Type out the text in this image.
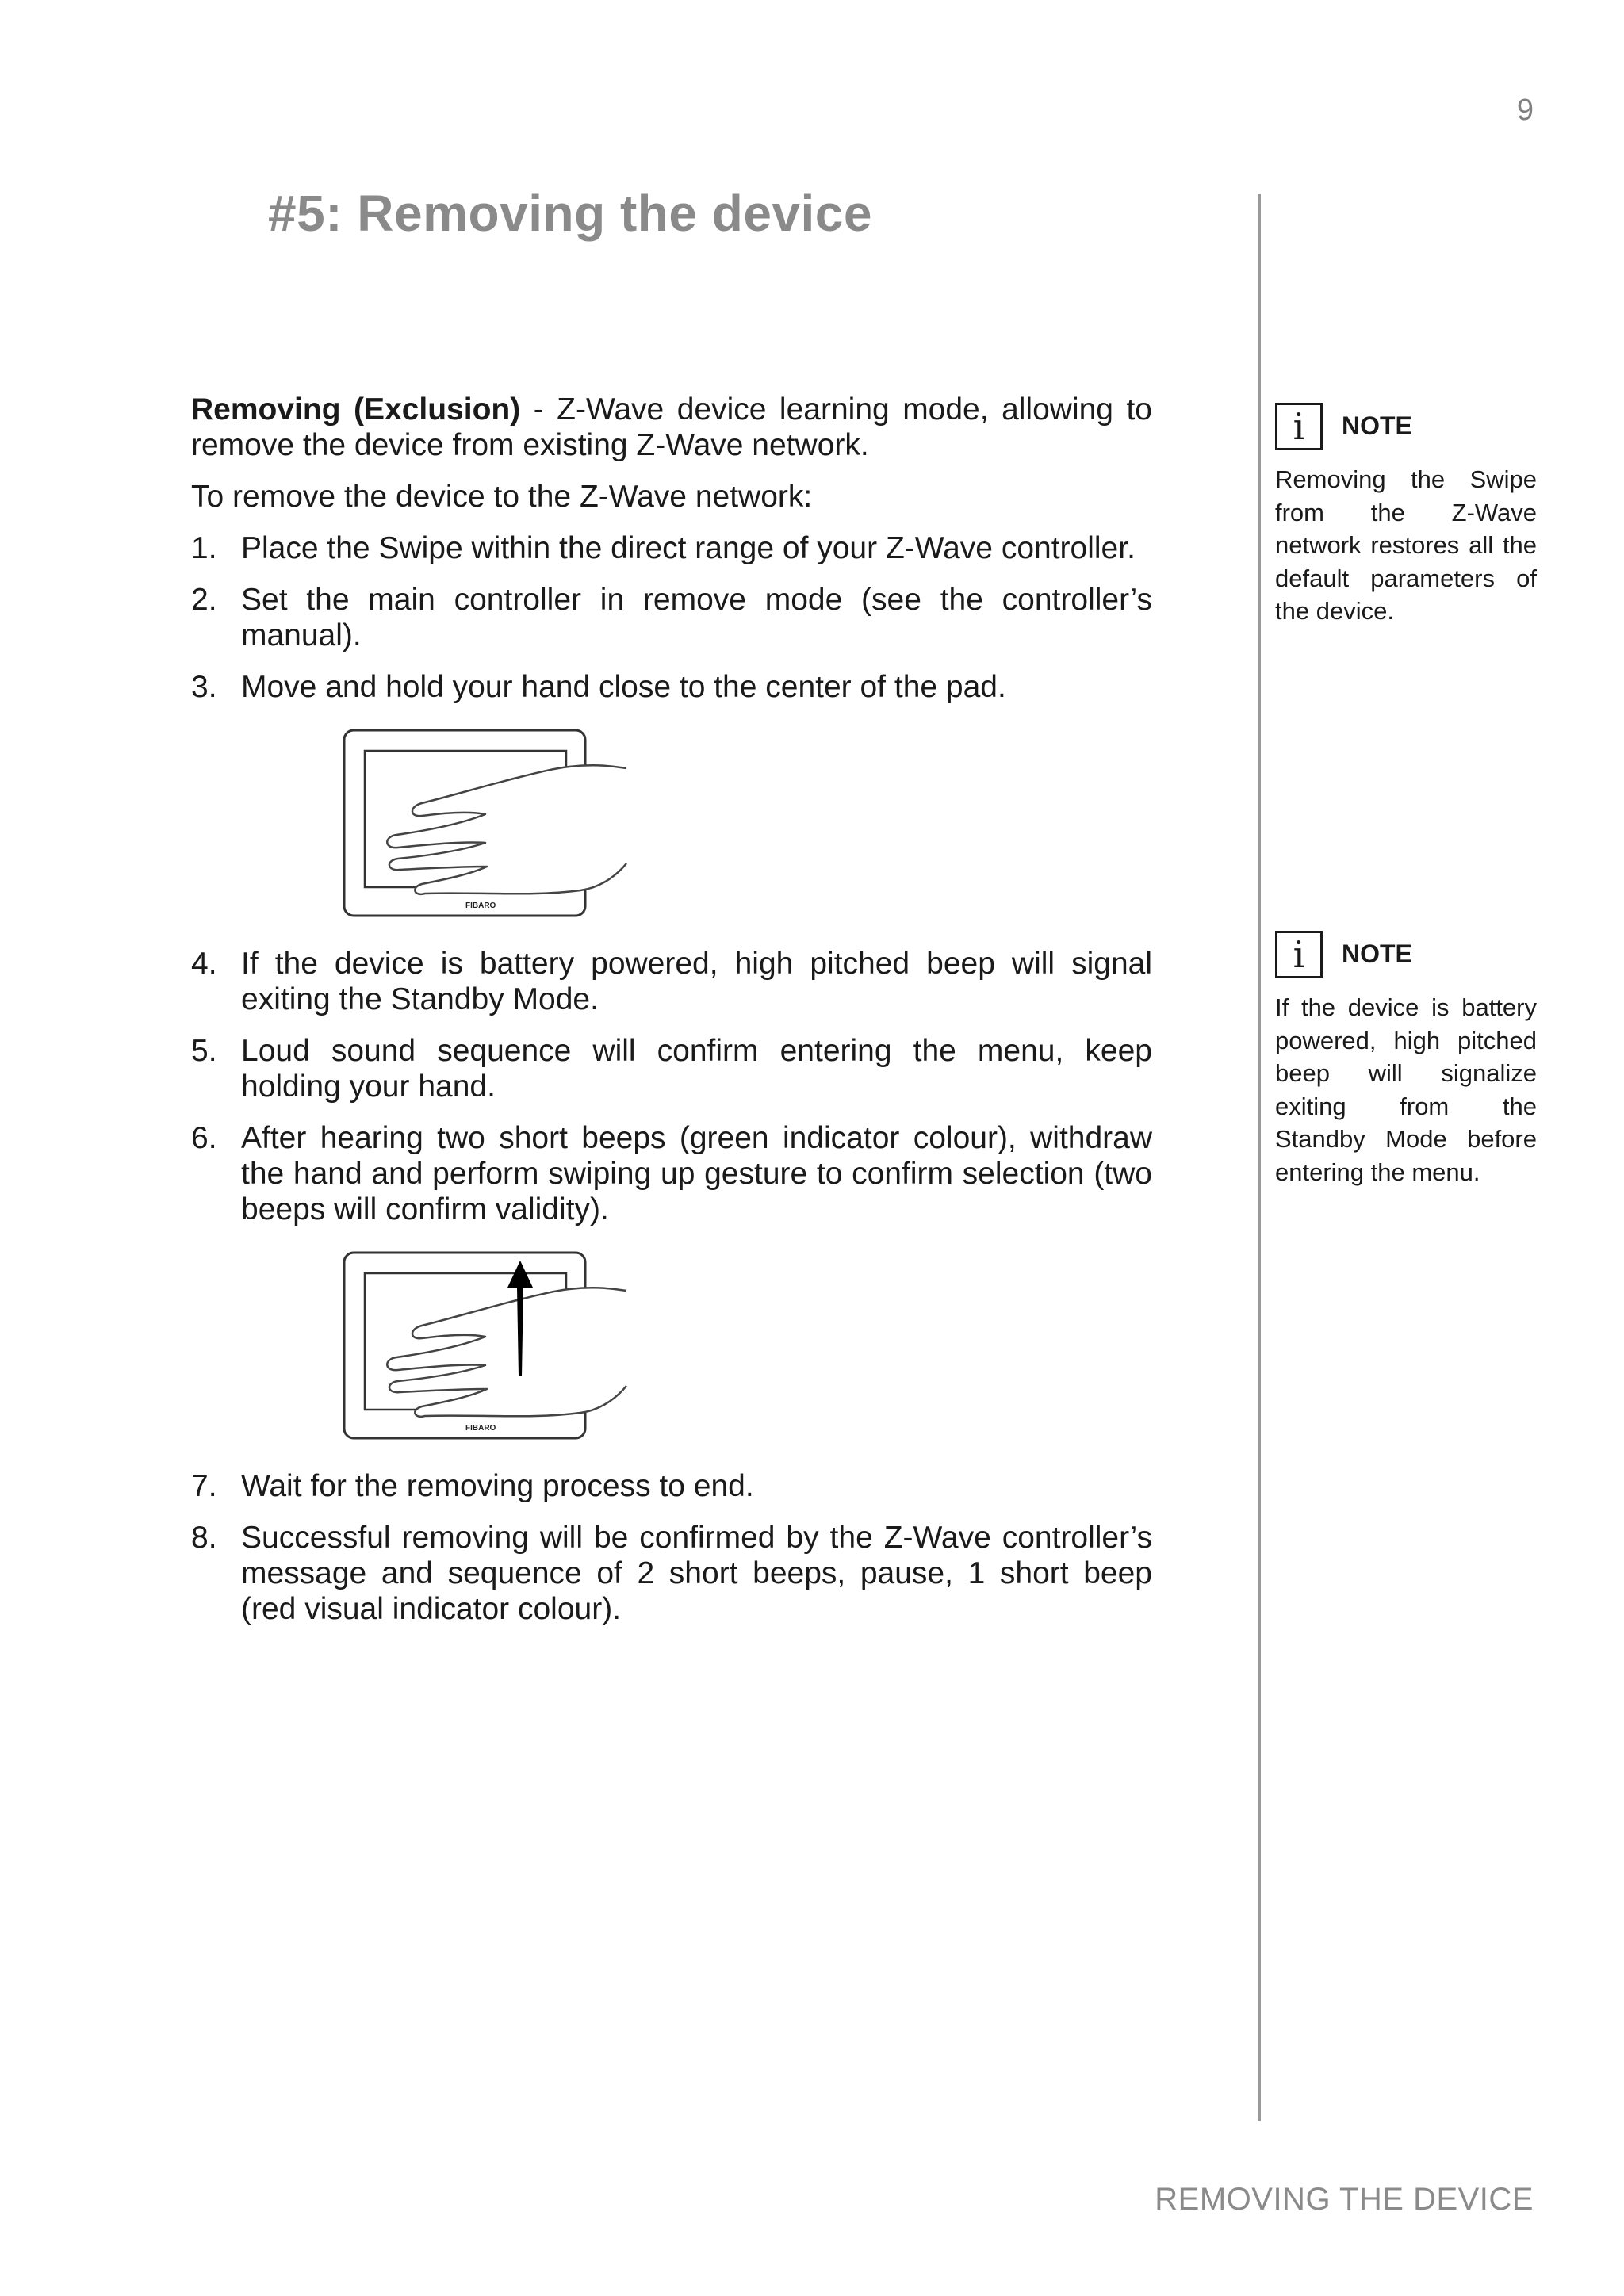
9
#5: Removing the device

Removing (Exclusion) - Z-Wave device learning mode, allowing to remove the device from existing Z-Wave network.

To remove the device to the Z-Wave network:

1. Place the Swipe within the direct range of your Z-Wave controller.
2. Set the main controller in remove mode (see the controller’s manual).
3. Move and hold your hand close to the center of the pad.
FIBARO
4. If the device is battery powered, high pitched beep will signal exiting the Standby Mode.
5. Loud sound sequence will confirm entering the menu, keep holding your hand.
6. After hearing two short beeps (green indicator colour), withdraw the hand and perform swiping up gesture to confirm selection (two beeps will confirm validity).
FIBARO
7. Wait for the removing process to end.
8. Successful removing will be confirmed by the Z-Wave controller’s message and sequence of 2 short beeps, pause, 1 short beep (red visual indicator colour).
i	NOTE
Removing the Swipe from the Z-Wave network restores all the default parameters of the device.
i	NOTE
If the device is battery powered, high pitched beep will signalize exiting from the Standby Mode before entering the menu.
REMOVING THE DEVICE
